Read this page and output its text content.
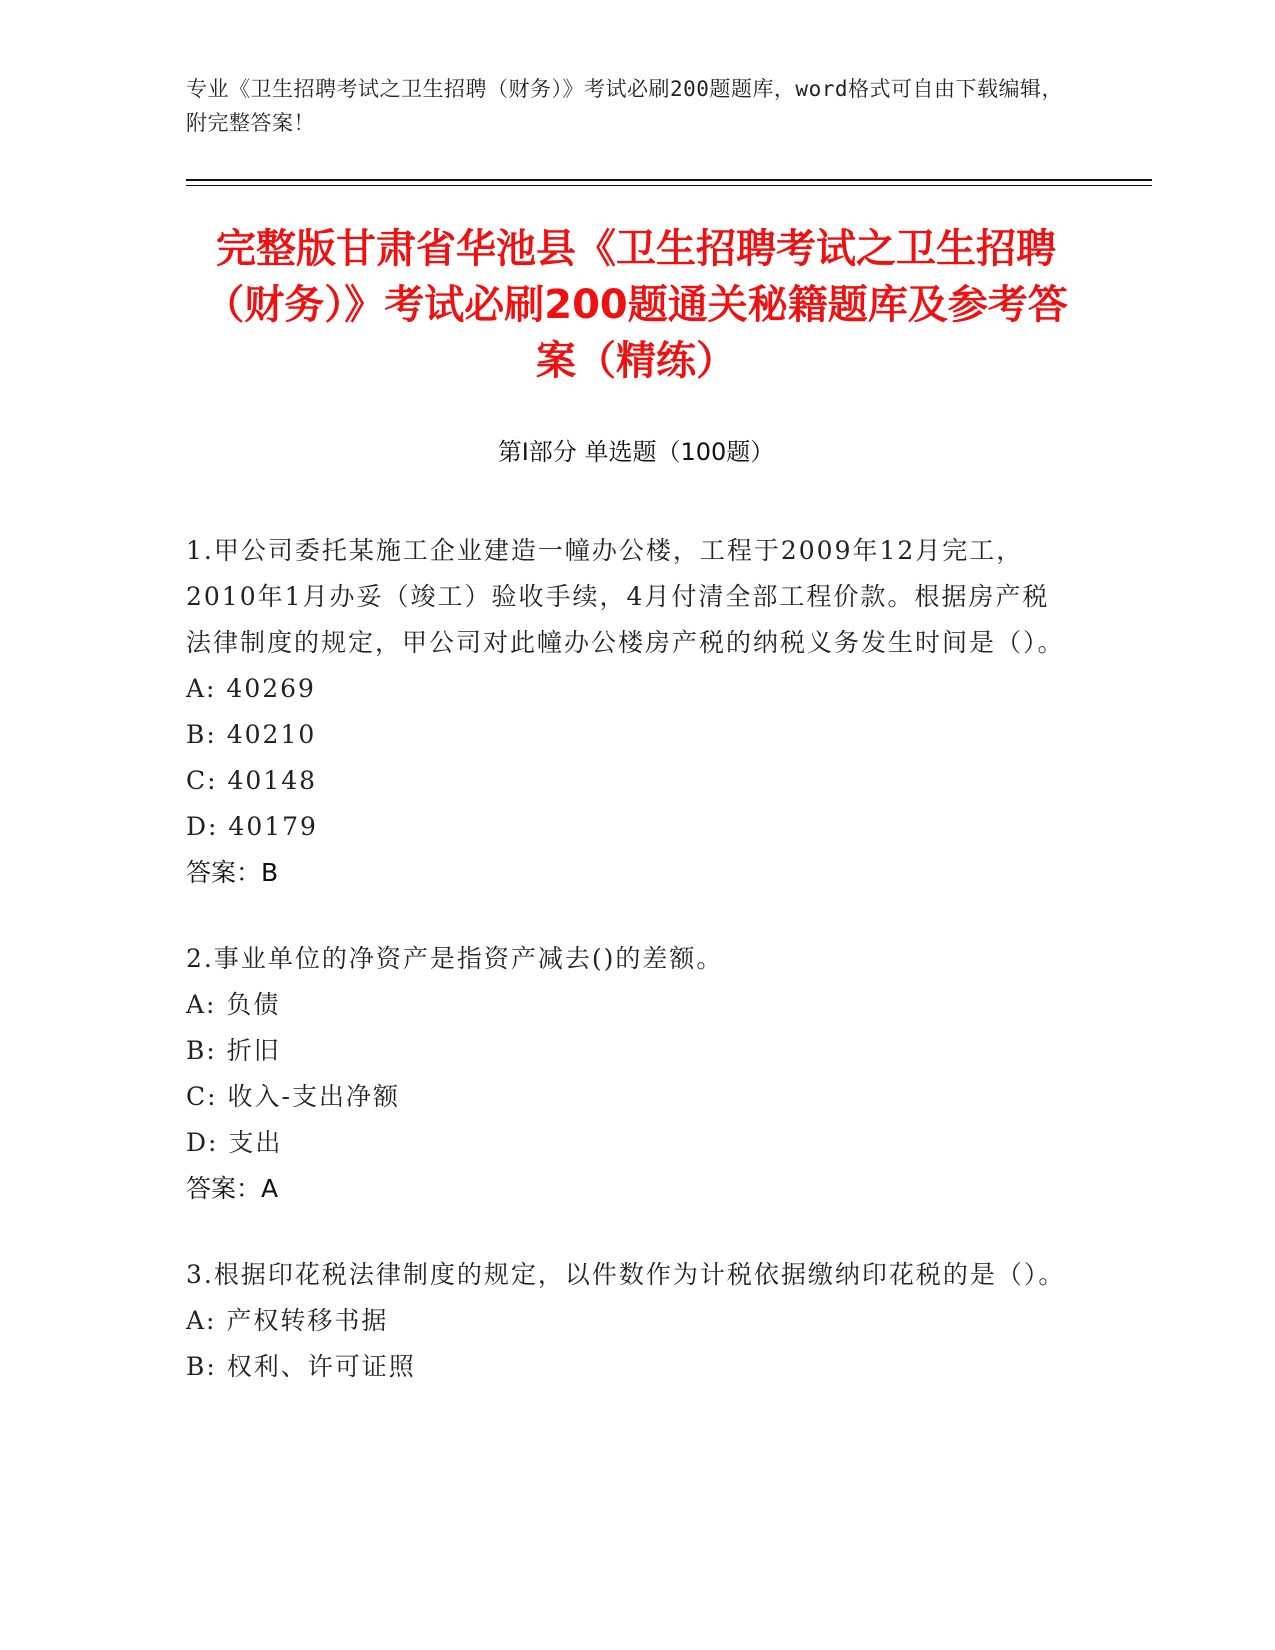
专业《卫生招聘考试之卫生招聘（财务）》考试必刷200题题库，word格式可自由下载编辑，附完整答案！
完整版甘肃省华池县《卫生招聘考试之卫生招聘（财务）》考试必刷200题通关秘籍题库及参考答案（精练）
第I部分 单选题（100题）
1.甲公司委托某施工企业建造一幢办公楼，工程于2009年12月完工，2010年1月办妥（竣工）验收手续，4月付清全部工程价款。根据房产税法律制度的规定，甲公司对此幢办公楼房产税的纳税义务发生时间是（）。
A: 40269
B: 40210
C: 40148
D: 40179
答案：B
2.事业单位的净资产是指资产减去()的差额。
A: 负债
B: 折旧
C: 收入-支出净额
D: 支出
答案：A
3.根据印花税法律制度的规定，以件数作为计税依据缴纳印花税的是（）。
A: 产权转移书据
B: 权利、许可证照
